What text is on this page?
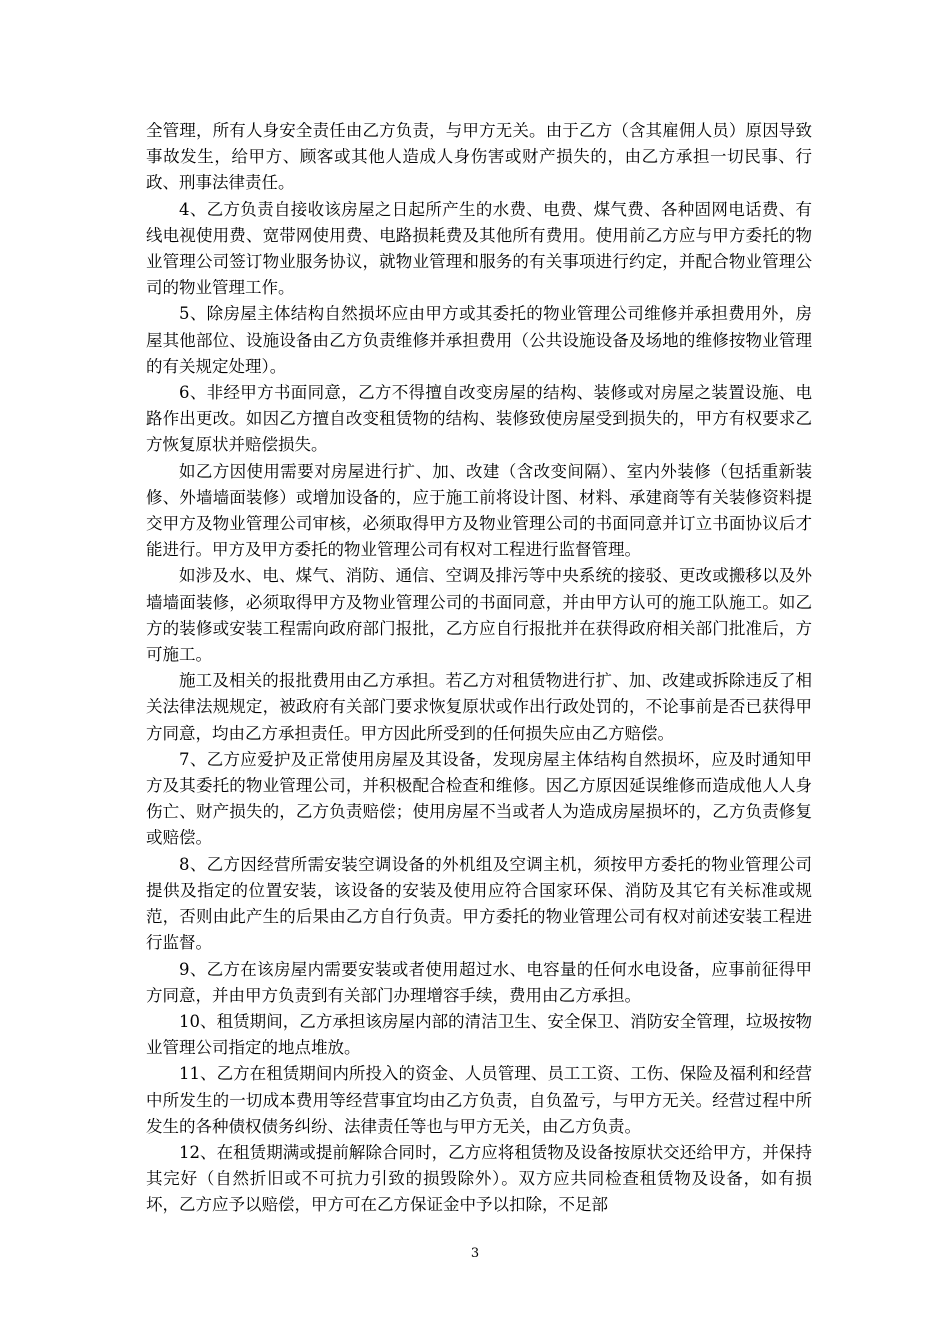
全管理，所有人身安全责任由乙方负责，与甲方无关。由于乙方（含其雇佣人员）原因导致事故发生，给甲方、顾客或其他人造成人身伤害或财产损失的，由乙方承担一切民事、行政、刑事法律责任。

4、乙方负责自接收该房屋之日起所产生的水费、电费、煤气费、各种固网电话费、有线电视使用费、宽带网使用费、电路损耗费及其他所有费用。使用前乙方应与甲方委托的物业管理公司签订物业服务协议，就物业管理和服务的有关事项进行约定，并配合物业管理公司的物业管理工作。

5、除房屋主体结构自然损坏应由甲方或其委托的物业管理公司维修并承担费用外，房屋其他部位、设施设备由乙方负责维修并承担费用（公共设施设备及场地的维修按物业管理的有关规定处理）。

6、非经甲方书面同意，乙方不得擅自改变房屋的结构、装修或对房屋之装置设施、电路作出更改。如因乙方擅自改变租赁物的结构、装修致使房屋受到损失的，甲方有权要求乙方恢复原状并赔偿损失。

如乙方因使用需要对房屋进行扩、加、改建（含改变间隔）、室内外装修（包括重新装修、外墙墙面装修）或增加设备的，应于施工前将设计图、材料、承建商等有关装修资料提交甲方及物业管理公司审核，必须取得甲方及物业管理公司的书面同意并订立书面协议后才能进行。甲方及甲方委托的物业管理公司有权对工程进行监督管理。

如涉及水、电、煤气、消防、通信、空调及排污等中央系统的接驳、更改或搬移以及外墙墙面装修，必须取得甲方及物业管理公司的书面同意，并由甲方认可的施工队施工。如乙方的装修或安装工程需向政府部门报批，乙方应自行报批并在获得政府相关部门批准后，方可施工。

施工及相关的报批费用由乙方承担。若乙方对租赁物进行扩、加、改建或拆除违反了相关法律法规规定，被政府有关部门要求恢复原状或作出行政处罚的，不论事前是否已获得甲方同意，均由乙方承担责任。甲方因此所受到的任何损失应由乙方赔偿。

7、乙方应爱护及正常使用房屋及其设备，发现房屋主体结构自然损坏，应及时通知甲方及其委托的物业管理公司，并积极配合检查和维修。因乙方原因延误维修而造成他人人身伤亡、财产损失的，乙方负责赔偿；使用房屋不当或者人为造成房屋损坏的，乙方负责修复或赔偿。

8、乙方因经营所需安装空调设备的外机组及空调主机，须按甲方委托的物业管理公司提供及指定的位置安装，该设备的安装及使用应符合国家环保、消防及其它有关标准或规范，否则由此产生的后果由乙方自行负责。甲方委托的物业管理公司有权对前述安装工程进行监督。

9、乙方在该房屋内需要安装或者使用超过水、电容量的任何水电设备，应事前征得甲方同意，并由甲方负责到有关部门办理增容手续，费用由乙方承担。

10、租赁期间，乙方承担该房屋内部的清洁卫生、安全保卫、消防安全管理，垃圾按物业管理公司指定的地点堆放。

11、乙方在租赁期间内所投入的资金、人员管理、员工工资、工伤、保险及福利和经营中所发生的一切成本费用等经营事宜均由乙方负责，自负盈亏，与甲方无关。经营过程中所发生的各种债权债务纠纷、法律责任等也与甲方无关，由乙方负责。

12、在租赁期满或提前解除合同时，乙方应将租赁物及设备按原状交还给甲方，并保持其完好（自然折旧或不可抗力引致的损毁除外）。双方应共同检查租赁物及设备，如有损坏，乙方应予以赔偿，甲方可在乙方保证金中予以扣除，不足部

3
